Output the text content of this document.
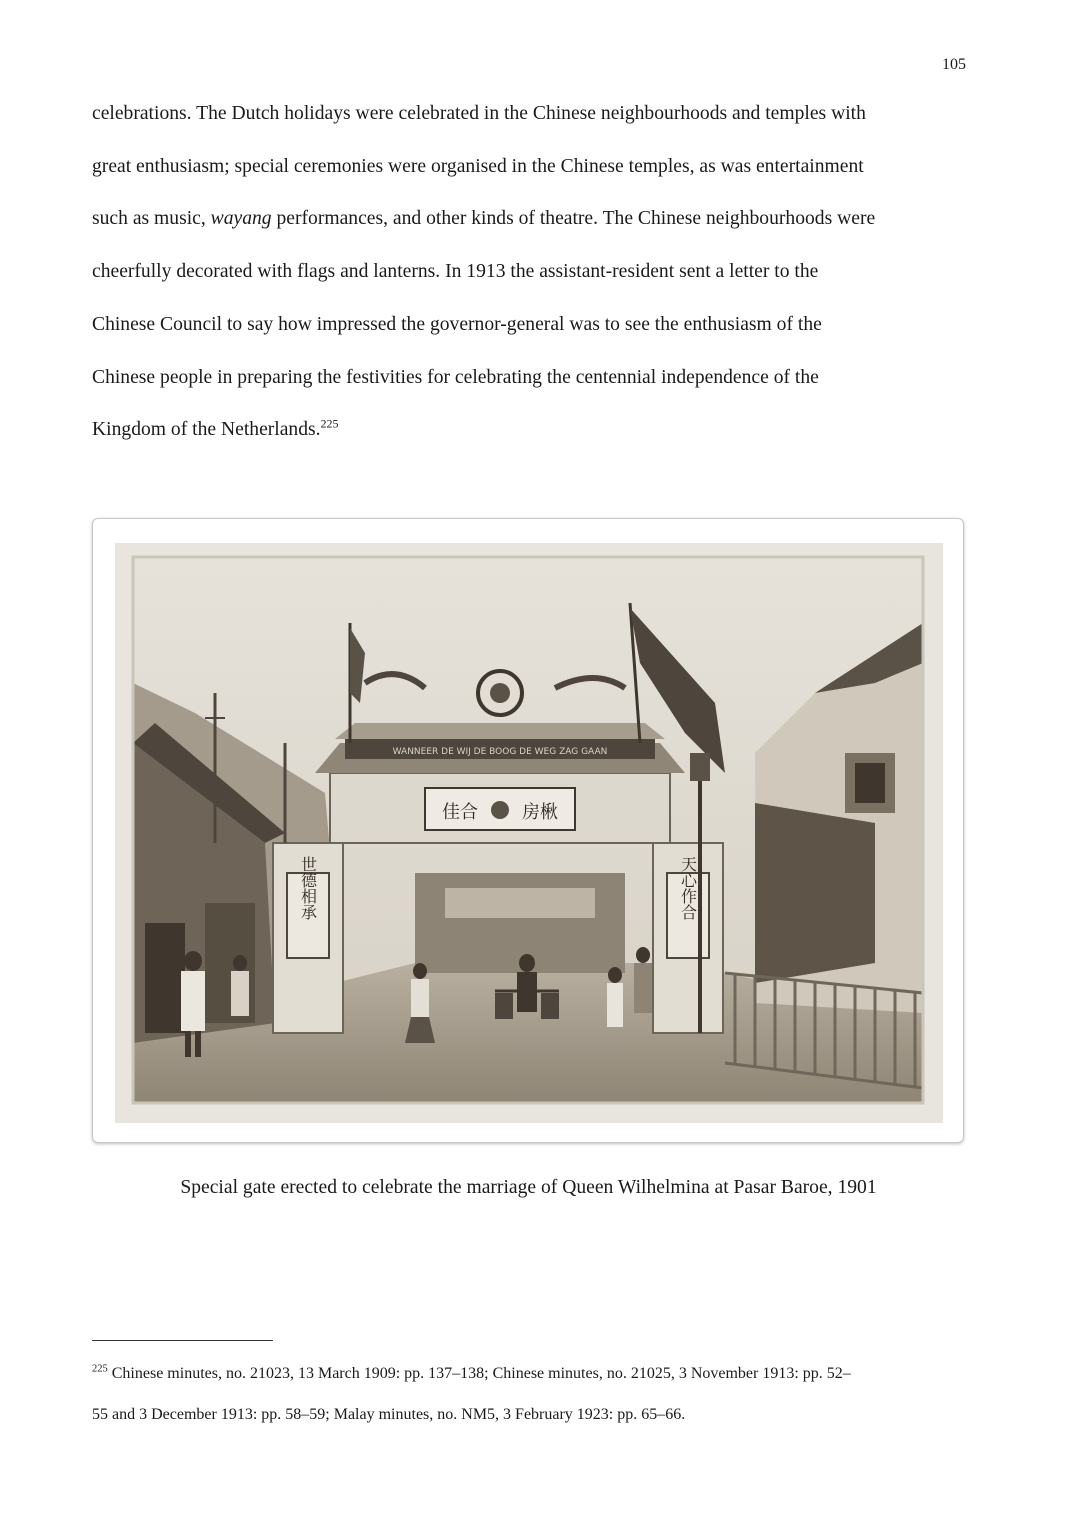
105

celebrations. The Dutch holidays were celebrated in the Chinese neighbourhoods and temples with
great enthusiasm; special ceremonies were organised in the Chinese temples, as was entertainment
such as music, wayang performances, and other kinds of theatre. The Chinese neighbourhoods were
cheerfully decorated with flags and lanterns. In 1913 the assistant-resident sent a letter to the
Chinese Council to say how impressed the governor-general was to see the enthusiasm of the
Chinese people in preparing the festivities for celebrating the centennial independence of the
Kingdom of the Netherlands.$^{225}$

世德相承	天心作合
佳合 房楸
WANNEER DE WIJ DE BOOG DE WEG ZAG GAAN
Special gate erected to celebrate the marriage of Queen Wilhelmina at Pasar Baroe, 1901

$^{225}$ Chinese minutes, no. 21023, 13 March 1909: pp. 137–138; Chinese minutes, no. 21025, 3 November 1913: pp. 52–
55 and 3 December 1913: pp. 58–59; Malay minutes, no. NM5, 3 February 1923: pp. 65–66.
